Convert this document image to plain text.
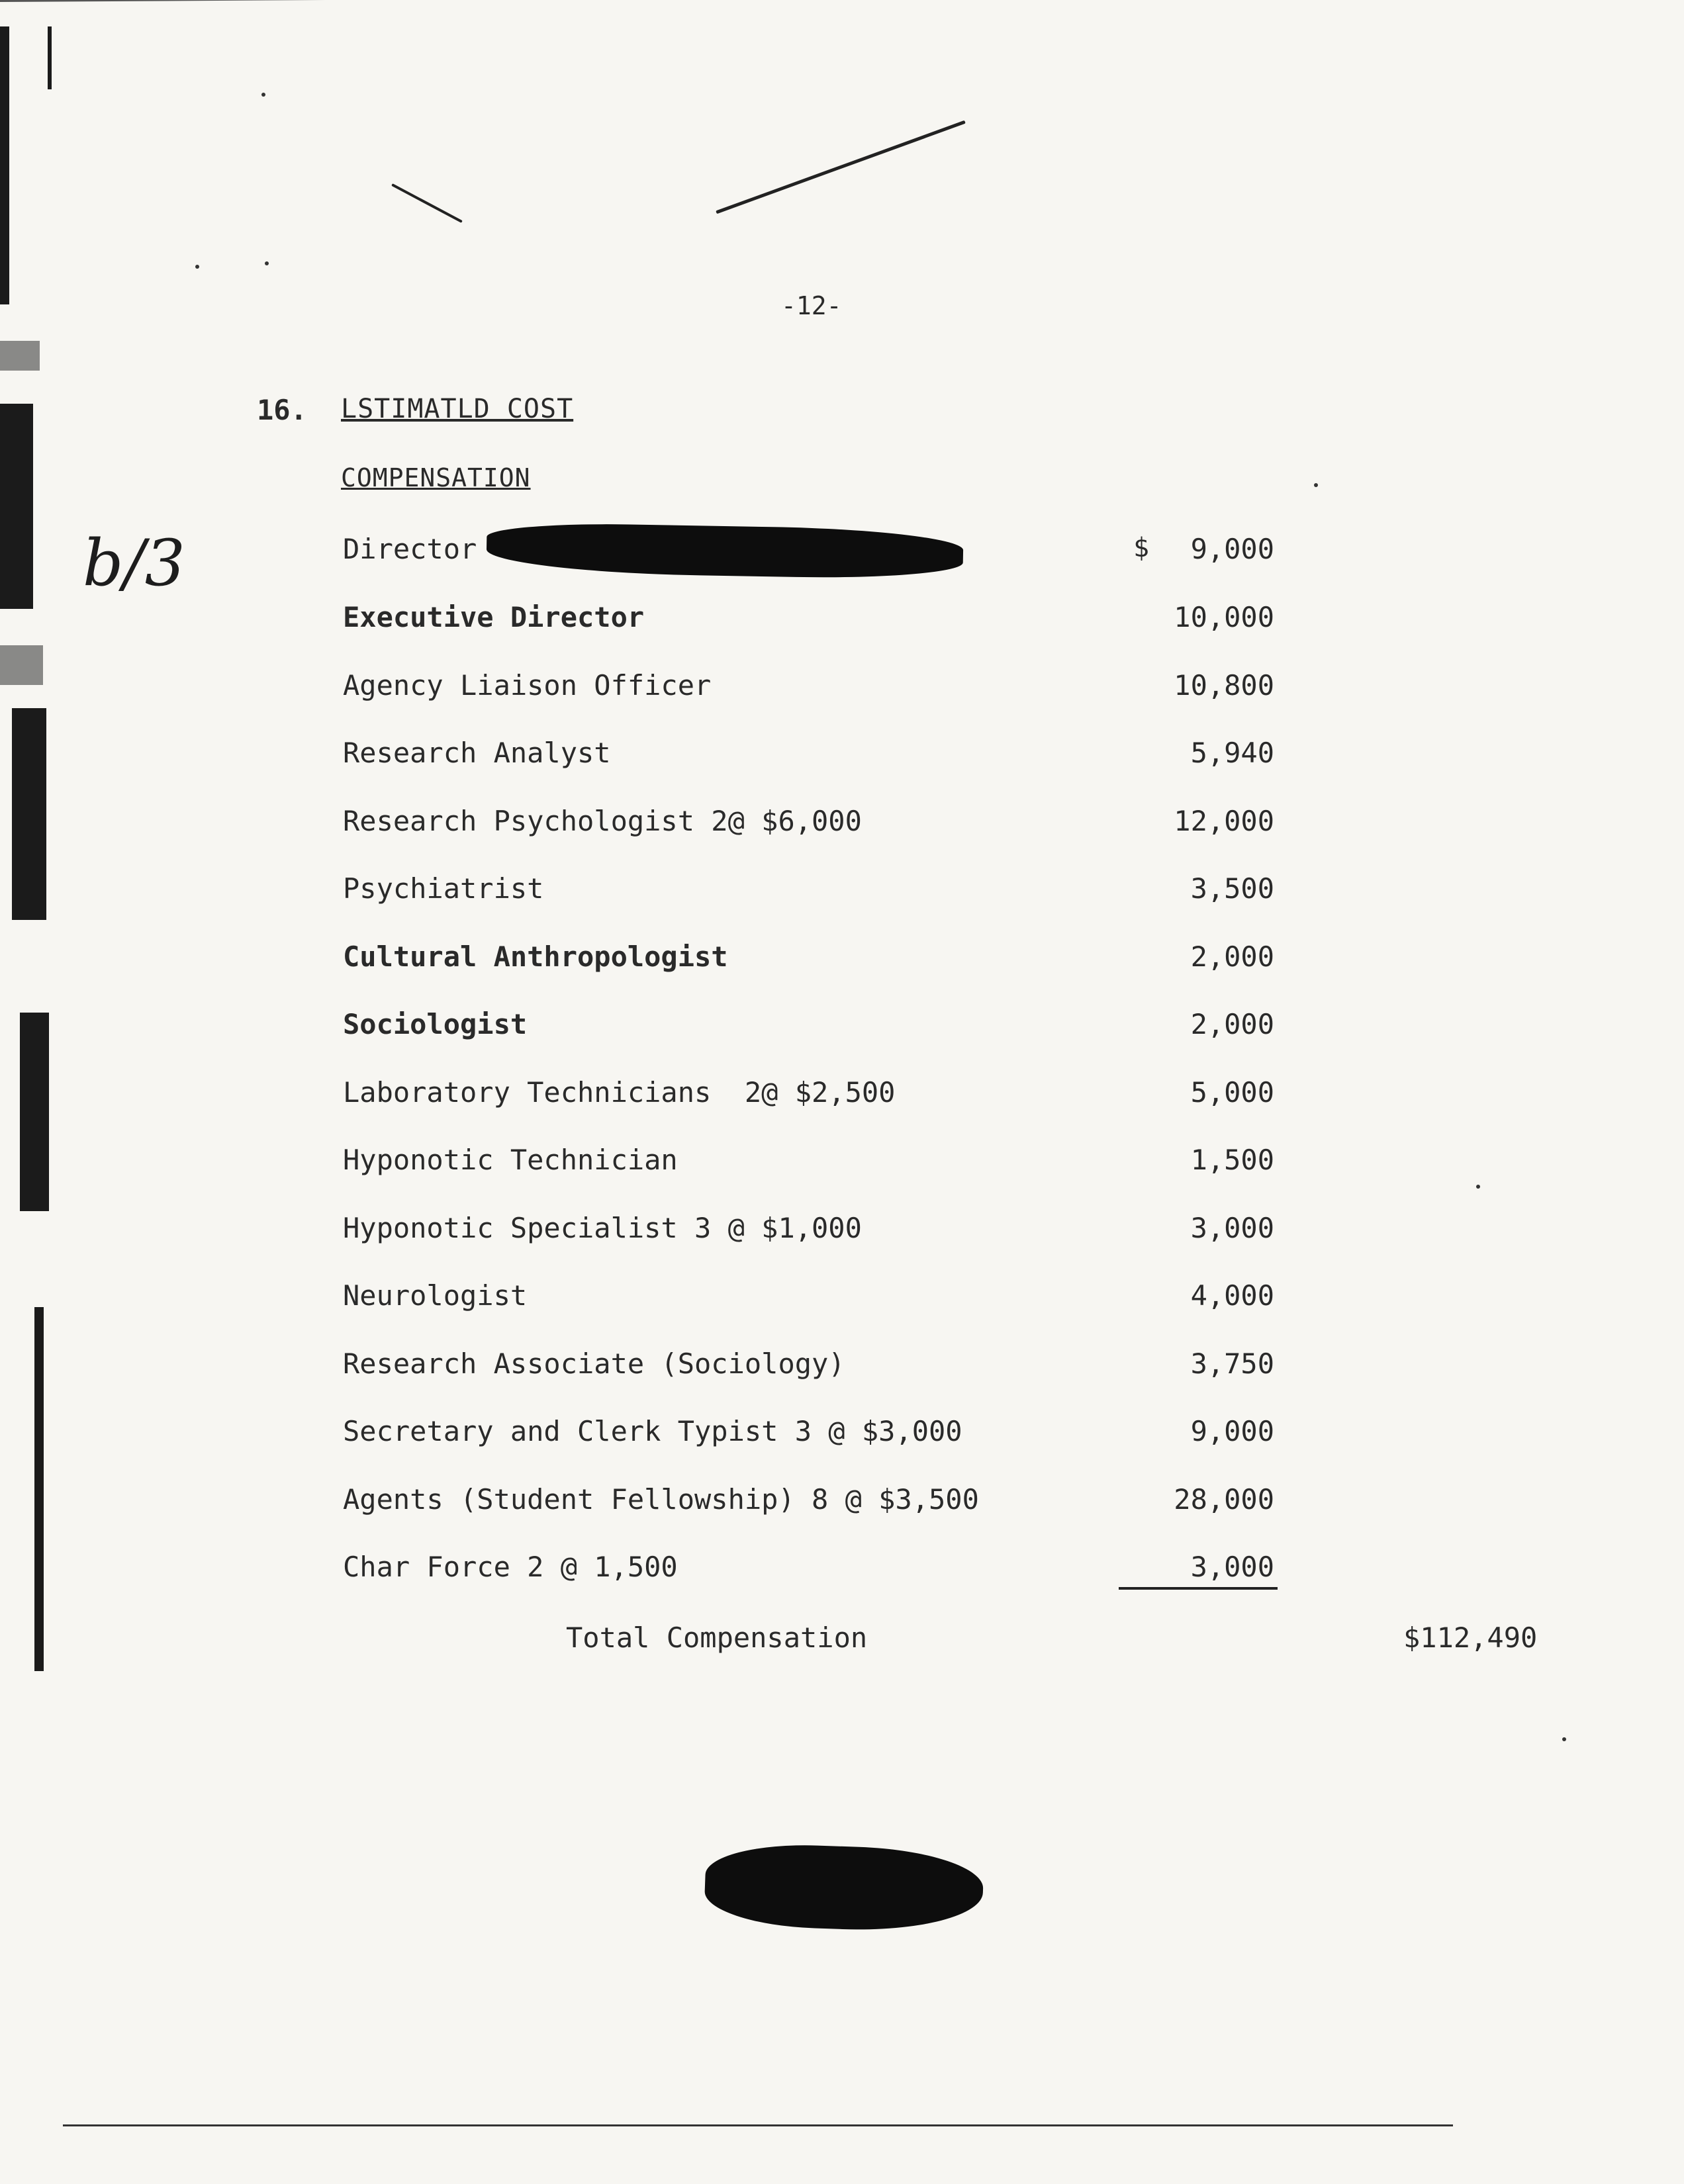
-12-
16. LSTIMATLD COST
COMPENSATION
b/3	Director	$	9,000
Executive Director	10,000
Agency Liaison Officer	10,800
Research Analyst	5,940
Research Psychologist 2@ $6,000	12,000
Psychiatrist	3,500
Cultural Anthropologist	2,000
Sociologist	2,000
Laboratory Technicians  2@ $2,500	5,000
Hyponotic Technician	1,500
Hyponotic Specialist 3 @ $1,000	3,000
Neurologist	4,000
Research Associate (Sociology)	3,750
Secretary and Clerk Typist 3 @ $3,000	9,000
Agents (Student Fellowship) 8 @ $3,500	28,000
Char Force 2 @ 1,500	3,000
Total Compensation	$112,490
